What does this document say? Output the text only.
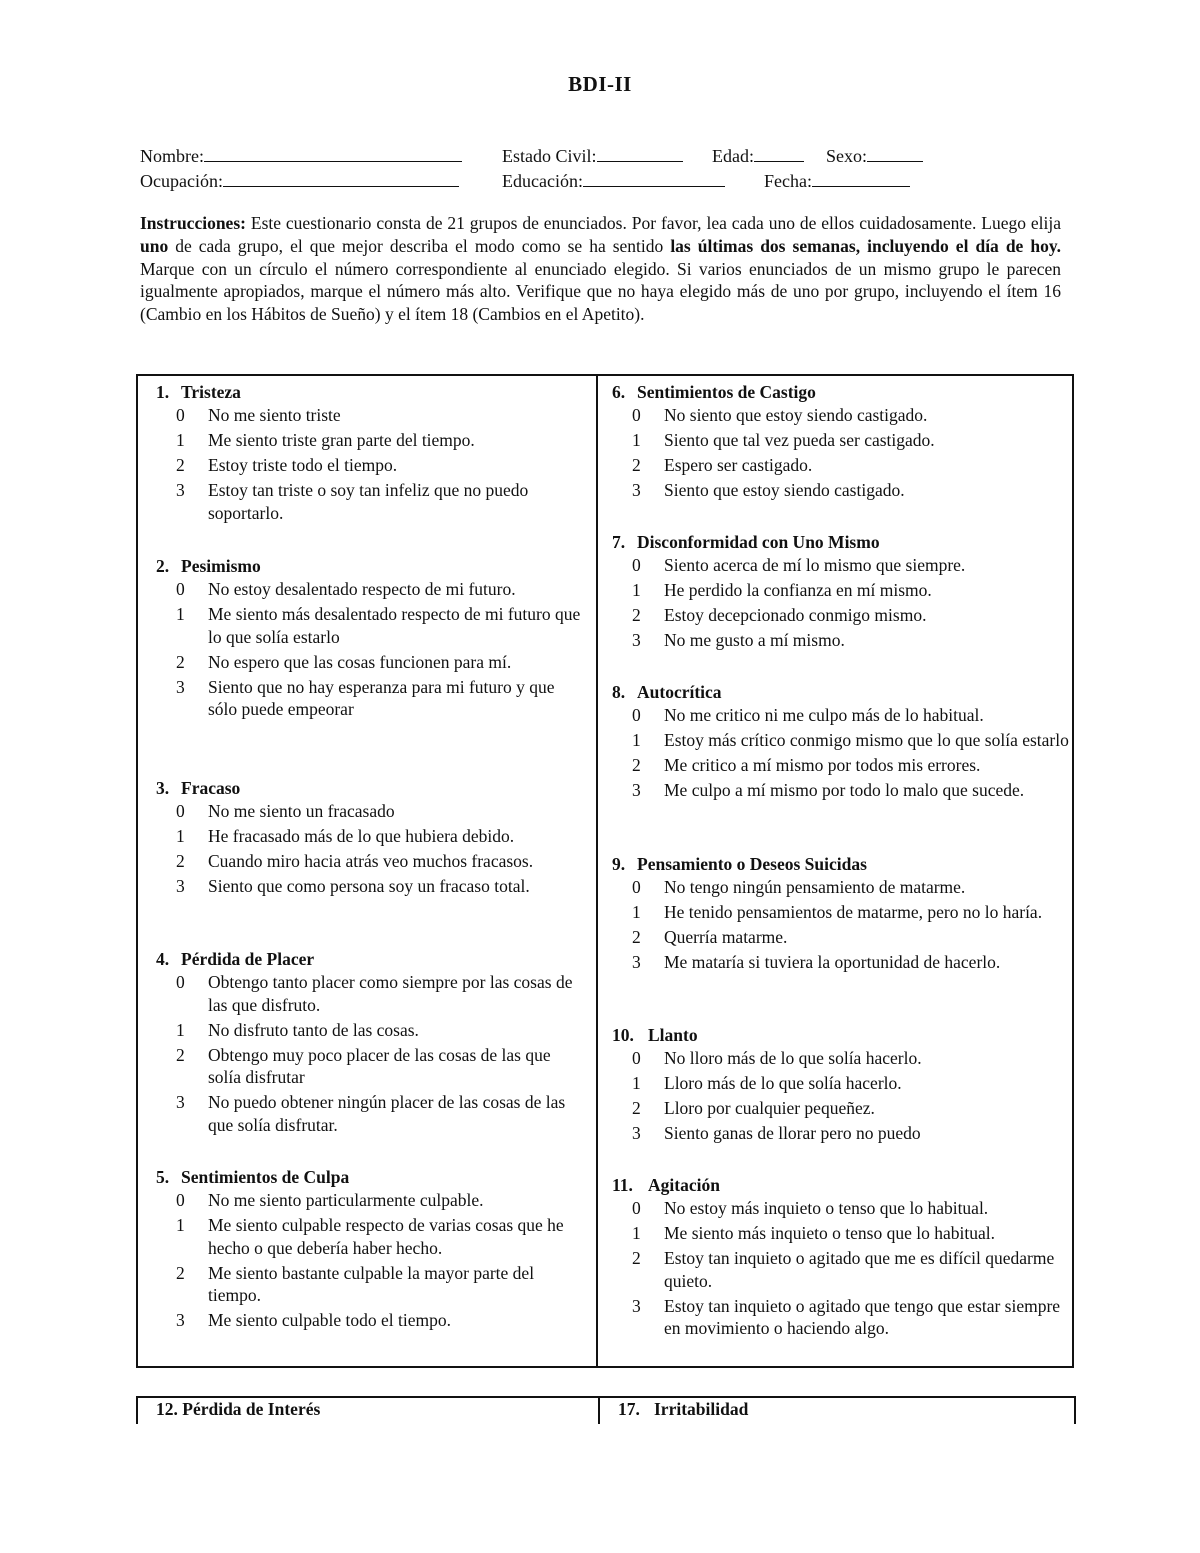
BDI-II
Nombre:	Estado Civil:	Edad:	Sexo:
Ocupación:	Educación:	Fecha:
Instrucciones: Este cuestionario consta de 21 grupos de enunciados. Por favor, lea cada uno de ellos cuidadosamente. Luego elija uno de cada grupo, el que mejor describa el modo como se ha sentido las últimas dos semanas, incluyendo el día de hoy. Marque con un círculo el número correspondiente al enunciado elegido. Si varios enunciados de un mismo grupo le parecen igualmente apropiados, marque el número más alto. Verifique que no haya elegido más de uno por grupo, incluyendo el ítem 16 (Cambio en los Hábitos de Sueño) y el ítem 18 (Cambios en el Apetito).
1. Tristeza
0 No me siento triste
1 Me siento triste gran parte del tiempo.
2 Estoy triste todo el tiempo.
3 Estoy tan triste o soy tan infeliz que no puedo soportarlo.
2. Pesimismo
0 No estoy desalentado respecto de mi futuro.
1 Me siento más desalentado respecto de mi futuro que lo que solía estarlo
2 No espero que las cosas funcionen para mí.
3 Siento que no hay esperanza para mi futuro y que sólo puede empeorar
3. Fracaso
0 No me siento un fracasado
1 He fracasado más de lo que hubiera debido.
2 Cuando miro hacia atrás veo muchos fracasos.
3 Siento que como persona soy un fracaso total.
4. Pérdida de Placer
0 Obtengo tanto placer como siempre por las cosas de las que disfruto.
1 No disfruto tanto de las cosas.
2 Obtengo muy poco placer de las cosas de las que solía disfrutar
3 No puedo obtener ningún placer de las cosas de las que solía disfrutar.
5. Sentimientos de Culpa
0 No me siento particularmente culpable.
1 Me siento culpable respecto de varias cosas que he hecho o que debería haber hecho.
2 Me siento bastante culpable la mayor parte del tiempo.
3 Me siento culpable todo el tiempo.
6. Sentimientos de Castigo
0 No siento que estoy siendo castigado.
1 Siento que tal vez pueda ser castigado.
2 Espero ser castigado.
3 Siento que estoy siendo castigado.
7. Disconformidad con Uno Mismo
0 Siento acerca de mí lo mismo que siempre.
1 He perdido la confianza en mí mismo.
2 Estoy decepcionado conmigo mismo.
3 No me gusto a mí mismo.
8. Autocrítica
0 No me critico ni me culpo más de lo habitual.
1 Estoy más crítico conmigo mismo que lo que solía estarlo
2 Me critico a mí mismo por todos mis errores.
3 Me culpo a mí mismo por todo lo malo que sucede.
9. Pensamiento o Deseos Suicidas
0 No tengo ningún pensamiento de matarme.
1 He tenido pensamientos de matarme, pero no lo haría.
2 Querría matarme.
3 Me mataría si tuviera la oportunidad de hacerlo.
10. Llanto
0 No lloro más de lo que solía hacerlo.
1 Lloro más de lo que solía hacerlo.
2 Lloro por cualquier pequeñez.
3 Siento ganas de llorar pero no puedo
11. Agitación
0 No estoy más inquieto o tenso que lo habitual.
1 Me siento más inquieto o tenso que lo habitual.
2 Estoy tan inquieto o agitado que me es difícil quedarme quieto.
3 Estoy tan inquieto o agitado que tengo que estar siempre en movimiento o haciendo algo.
12. Pérdida de Interés	17. Irritabilidad
